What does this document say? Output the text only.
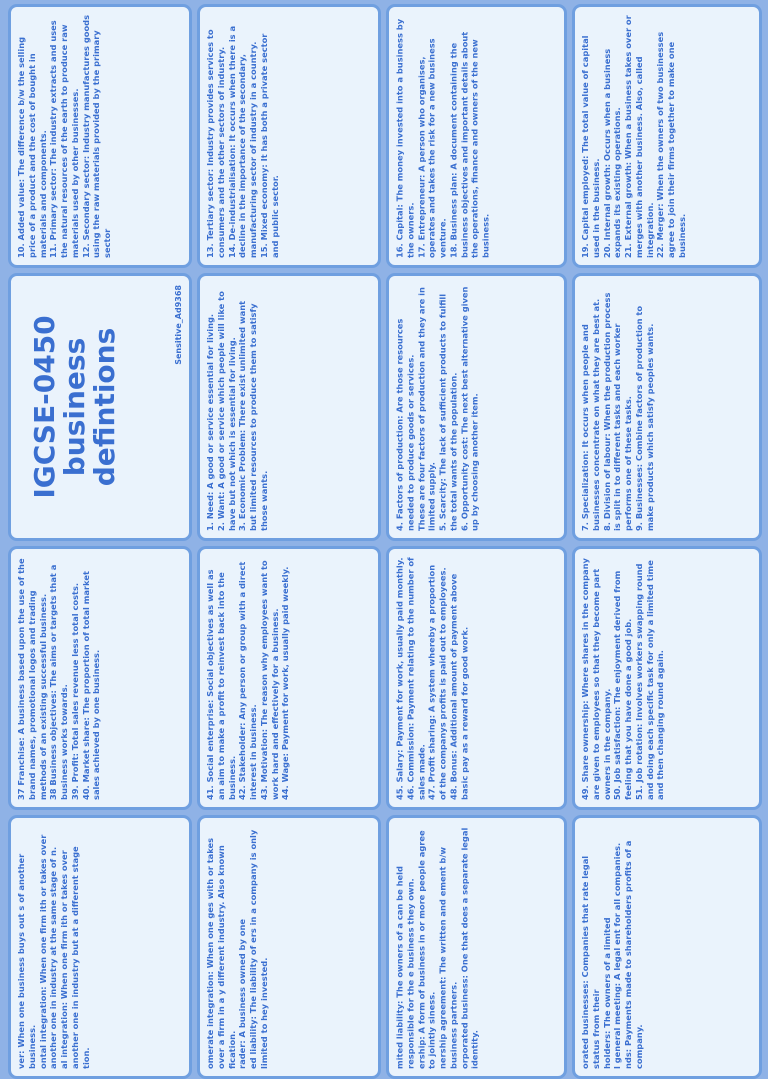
10. Added value: The difference b/w the selling price of a product and the cost of bought in materials and components. 11. Primary sector: The industry extracts and uses the natural resources of the earth to produce raw materials used by other businesses. 12. Secondary sector: Industry manufactures goods using the raw materials provided by the primary sector	13. Tertiary sector: Industry provides services to consumers and the other sectors of industry. 14. De-industrialisation: It occurs when there is a decline in the importance of the secondary, manufacturing sector of industry in a country. 15. Mixed economy: It has both a private sector and public sector.	16. Capital: The money invested into a business by the owners. 17. Entrepreneur: A person who organises, operates and takes the risk for a new business venture. 18. Business plan: A document containing the business objectives and important details about the operations, finance and owners of the new business.	19. Capital employed: The total value of capital used in the business. 20. Internal growth: Occurs when a business expands its existing operations. 21. External growth: When a business takes over or merges with another business. Also, called integration. 22. Merger: When the owners of two businesses agree to join their firms together to make one business.

IGCSE-0450
business
defintions
Sensitive_Ad9368	1. Need: A good or service essential for living. 2. Want: A good or service which people will like to have but not which is essential for living. 3. Economic Problem: There exist unlimited want but limited resources to produce them to satisfy those wants.	4. Factors of production: Are those resources needed to produce goods or services. These are four factors of production and they are in limited supply. 5. Scarcity: The lack of sufficient products to fulfill the total wants of the population. 6. Opportunity cost: The next best alternative given up by choosing another item.	7. Specialization: It occurs when people and businesses concentrate on what they are best at. 8. Division of labour: When the production process is split in to different tasks and each worker performs one of these tasks. 9. Businesses: Combine factors of production to make products which satisfy peoples wants.

37 Franchise: A business based upon the use of the brand names, promotional logos and trading methods of an existing successful business. 38 Business objectives: The aims or targets that a business works towards. 39. Profit: Total sales revenue less total costs. 40. Market share: The proportion of total market sales achieved by one business.	41. Social enterprise: Social objectives as well as an aim to make a profit to reinvest back into the business. 42. Stakeholder: Any person or group with a direct interest in business. 43. Motivation: The reason why employees want to work hard and effectively for a business. 44. Wage: Payment for work, usually paid weekly.	45. Salary: Payment for work, usually paid monthly. 46. Commission: Payment relating to the number of sales made. 47. Profit sharing: A system whereby a proportion of the companys profits is paid out to employees. 48. Bonus: Additional amount of payment above basic pay as a reward for good work.	49. Share ownership: Where shares in the company are given to employees so that they become part owners in the company. 50. Job satisfaction: The enjoyment derived from feeling that you have done a good job. 51. Job rotation: Involves workers swapping round and doing each specific task for only a limited time and then changing round again.

ver: When one business buys out s of another business. ontal integration: When one firm ith or takes over another one in industry at the same stage of n. al integration: When one firm ith or takes over another one in industry but at a different stage tion.	omerate integration: When one ges with or takes over a firm in a y different industry. Also known fication. rader: A business owned by one ed liability: The liability of ers in a company is only limited to hey invested.	mited liability: The owners of a can be held responsible for the e business they own. ership: A form of business in or more people agree to jointly siness. nership agreement: The written and ement b/w business partners. orporated business: One that does a separate legal identity.	orated businesses: Companies that rate legal status from their holders: The owners of a limited l general meeting: A legal ent for all companies. nds: Payments made to shareholders profits of a company.
